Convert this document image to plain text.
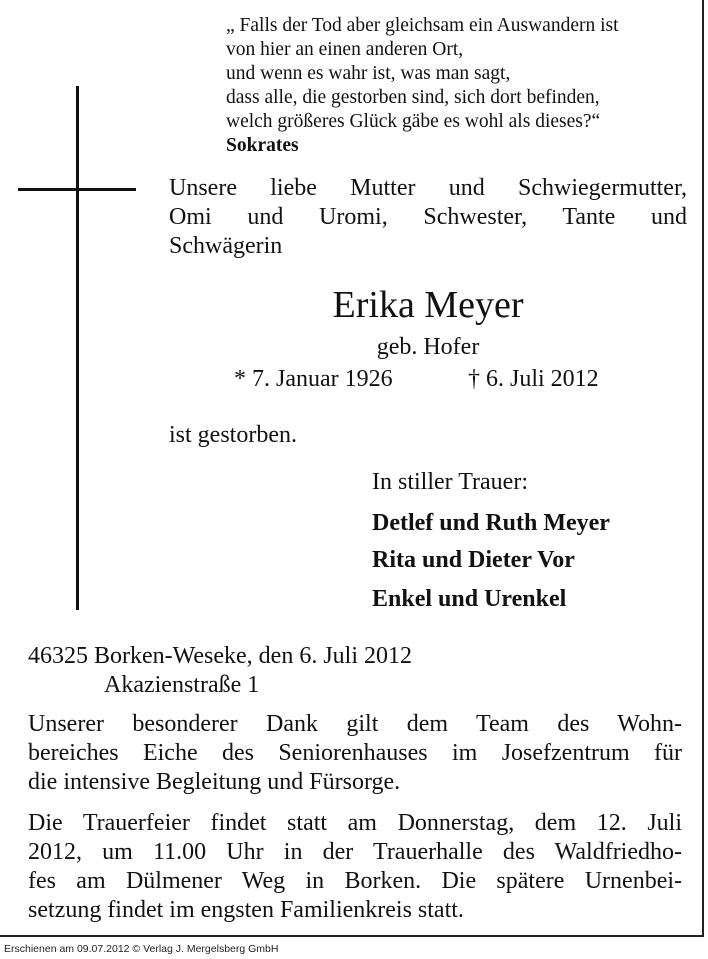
„ Falls der Tod aber gleichsam ein Auswandern ist
von hier an einen anderen Ort,
und wenn es wahr ist, was man sagt,
dass alle, die gestorben sind, sich dort befinden,
welch größeres Glück gäbe es wohl als dieses?“
Sokrates
Unsere liebe Mutter und Schwiegermutter,
Omi und Uromi, Schwester, Tante und
Schwägerin
Erika Meyer
geb. Hofer
* 7. Januar 1926	† 6. Juli 2012
ist gestorben.
In stiller Trauer:
Detlef und Ruth Meyer
Rita und Dieter Vor
Enkel und Urenkel
46325 Borken-Weseke, den 6. Juli 2012
Akazienstraße 1
Unserer besonderer Dank gilt dem Team des Wohn-
bereiches Eiche des Seniorenhauses im Josefzentrum für
die intensive Begleitung und Fürsorge.
Die Trauerfeier findet statt am Donnerstag, dem 12. Juli
2012, um 11.00 Uhr in der Trauerhalle des Waldfriedho-
fes am Dülmener Weg in Borken. Die spätere Urnenbei-
setzung findet im engsten Familienkreis statt.
Erschienen am 09.07.2012 © Verlag J. Mergelsberg GmbH
